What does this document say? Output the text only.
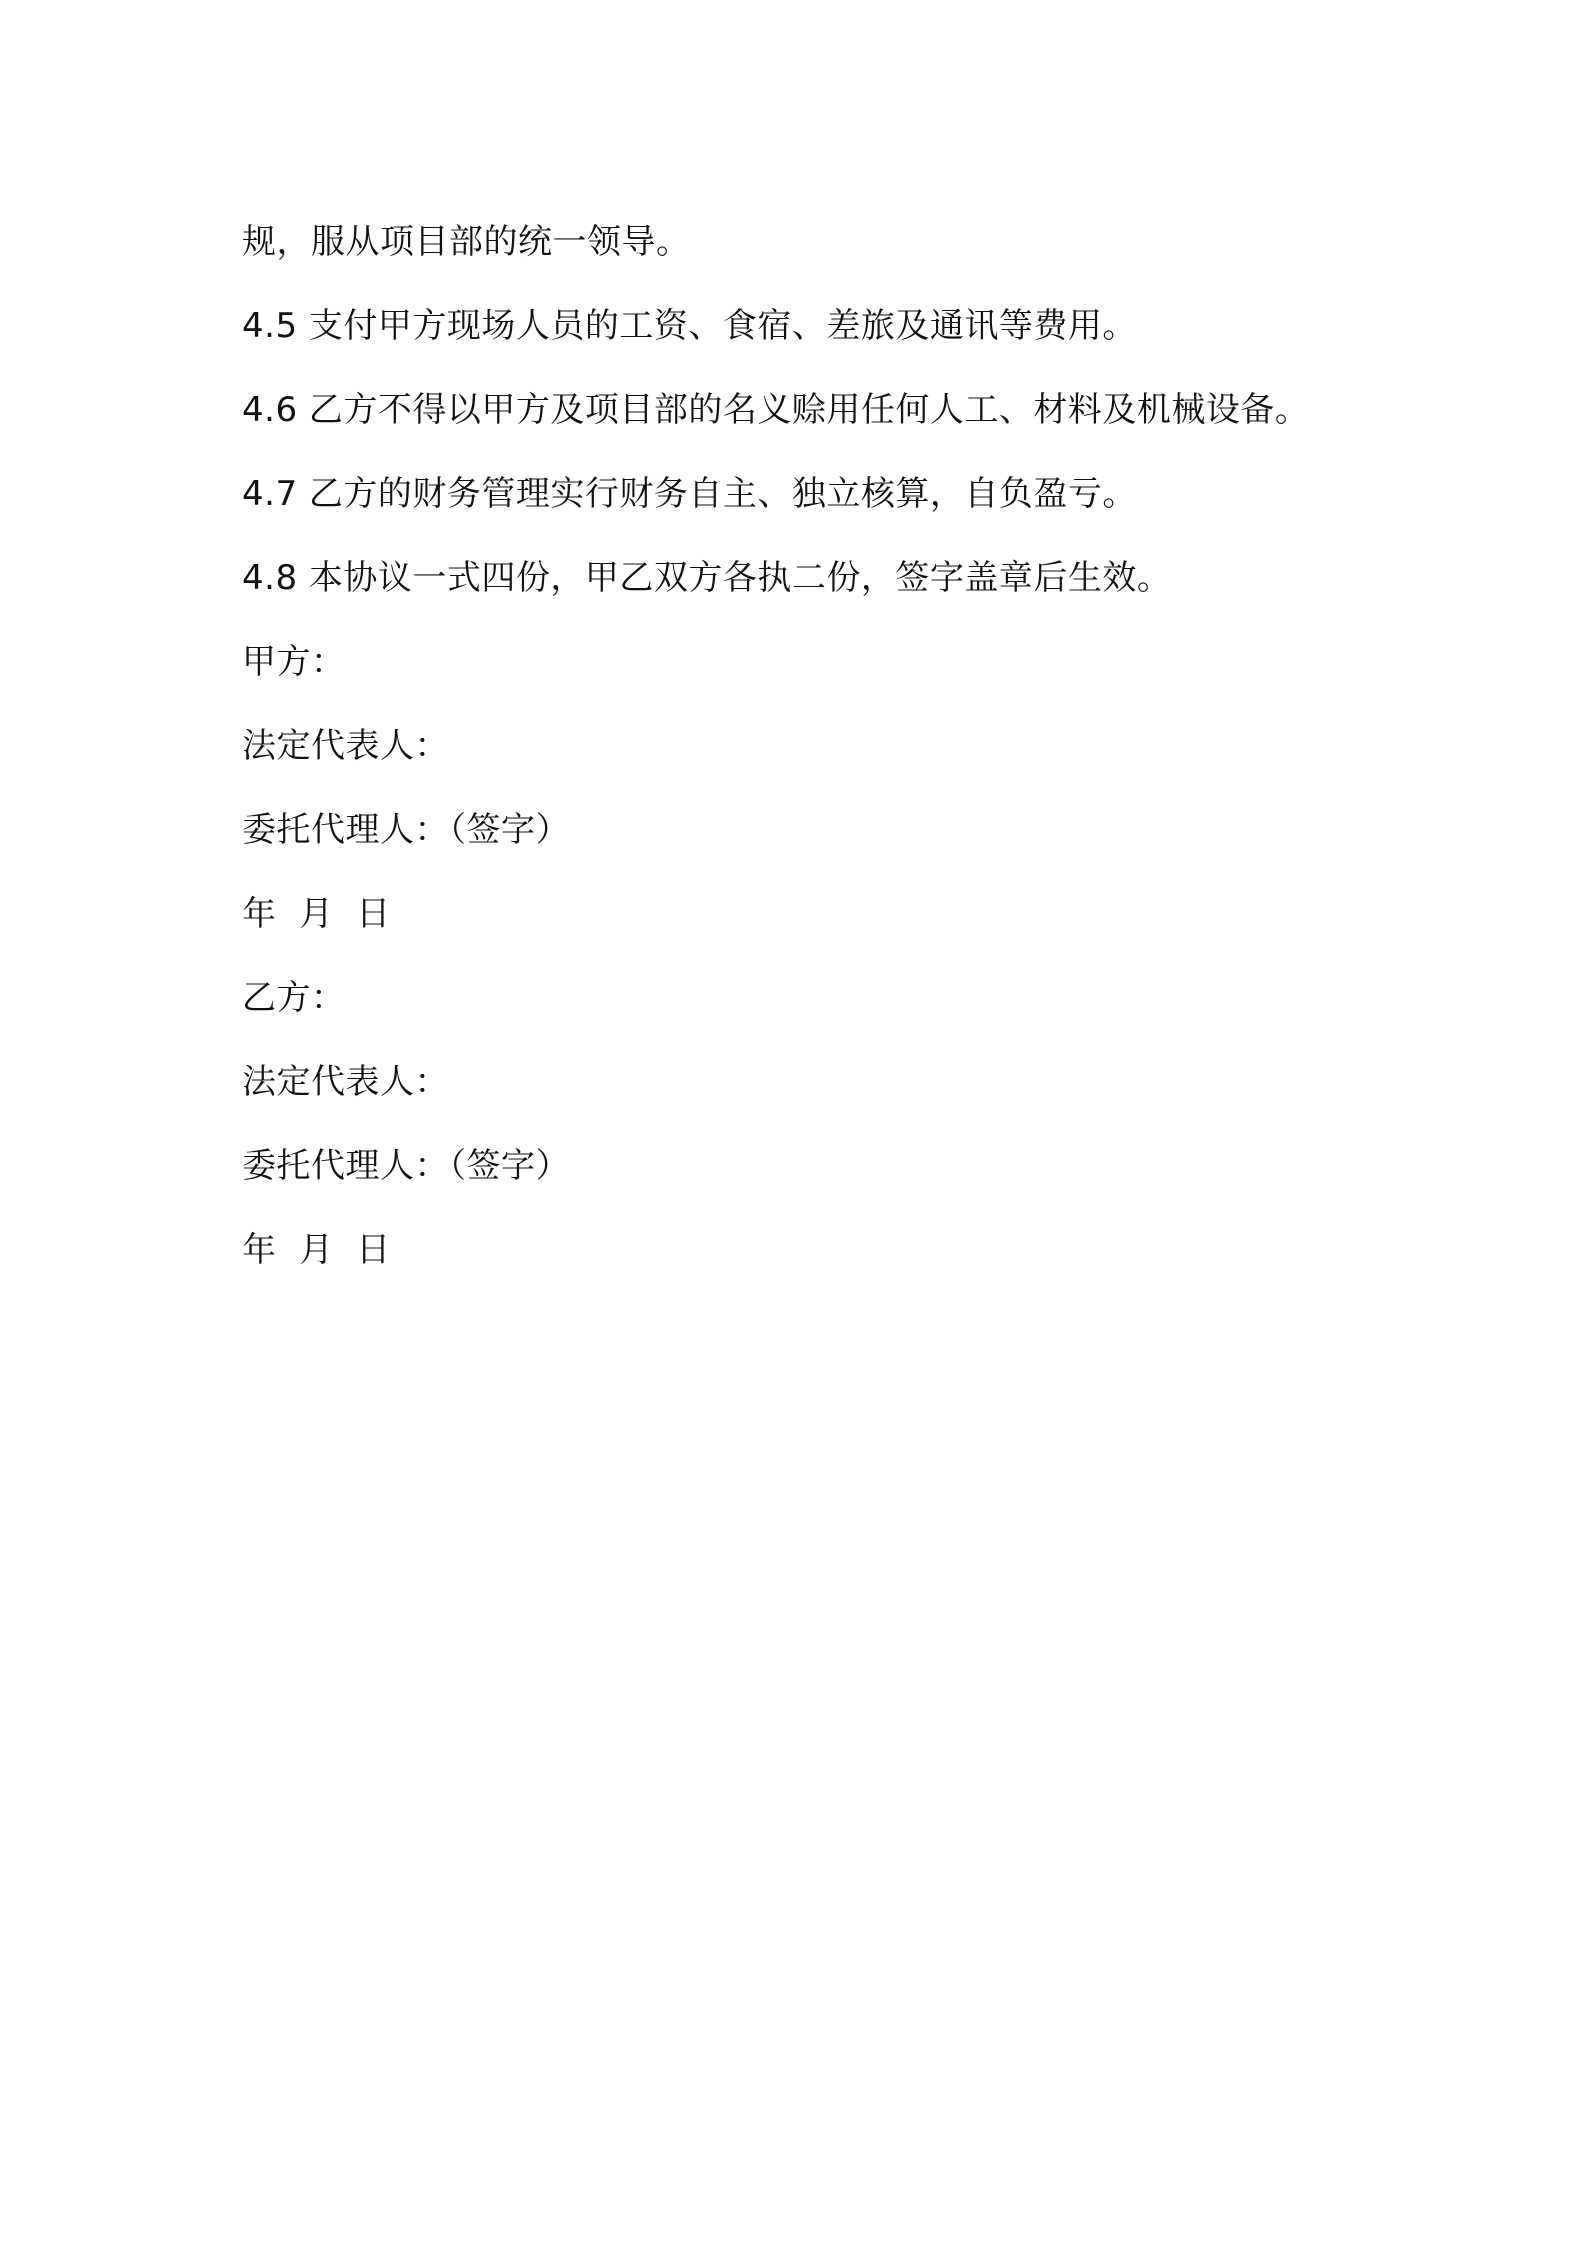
规，服从项目部的统一领导。
4.5 支付甲方现场人员的工资、食宿、差旅及通讯等费用。
4.6 乙方不得以甲方及项目部的名义赊用任何人工、材料及机械设备。
4.7 乙方的财务管理实行财务自主、独立核算，自负盈亏。
4.8 本协议一式四份，甲乙双方各执二份，签字盖章后生效。
甲方：
法定代表人：
委托代理人：（签字）
年  月  日
乙方：
法定代表人：
委托代理人：（签字）
年  月  日
